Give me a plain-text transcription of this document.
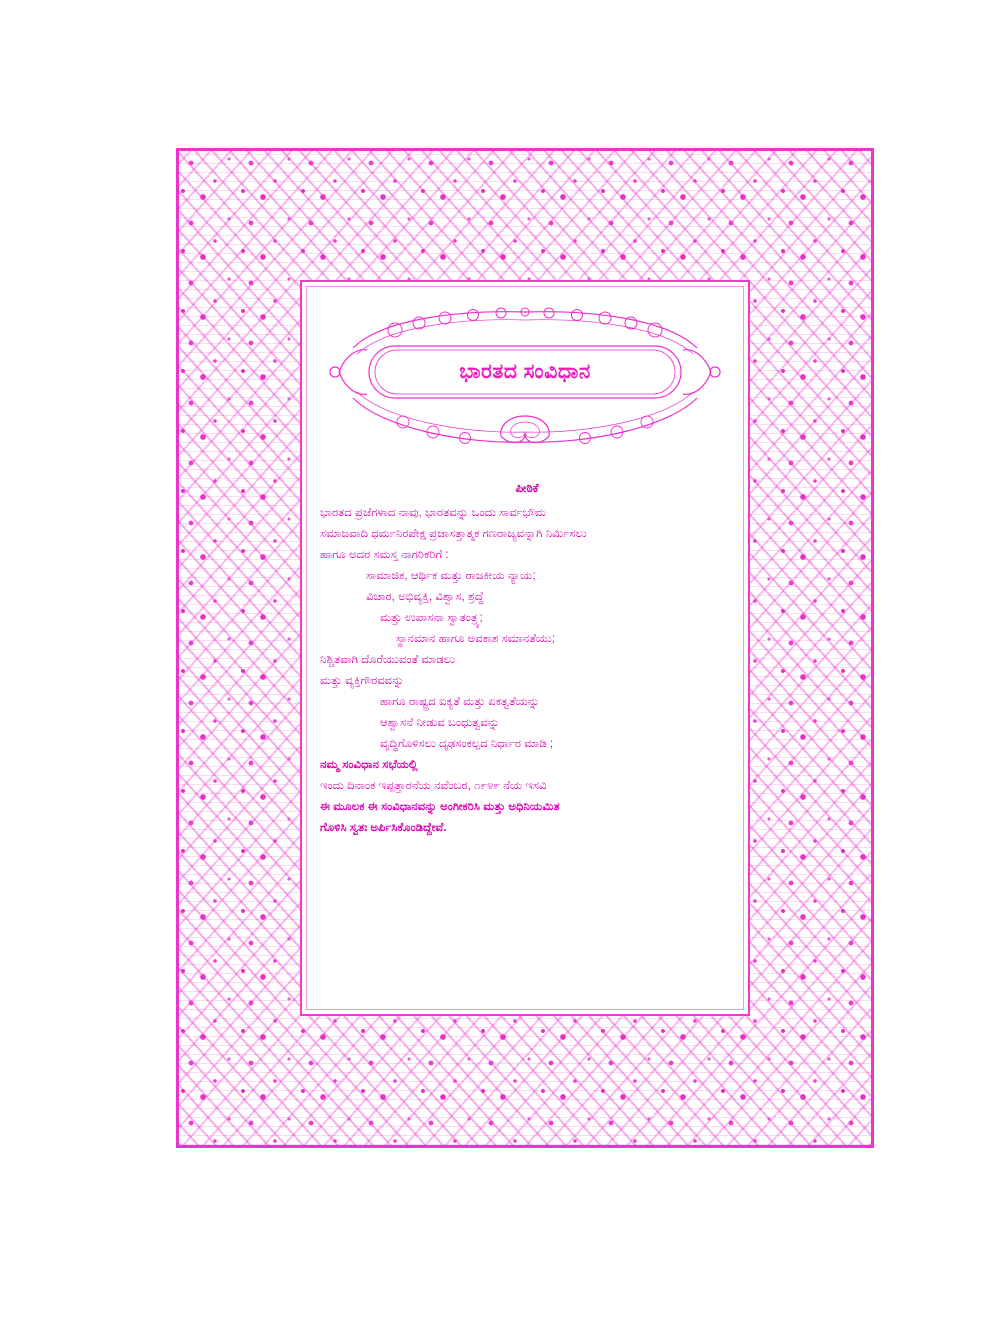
ಭಾರತದ ಸಂವಿಧಾನ
ಪೀಠಿಕೆ
ಭಾರತದ ಪ್ರಜೆಗಳಾದ ನಾವು, ಭಾರತವನ್ನು ಒಂದು ಸಾರ್ವಭೌಮ
ಸಮಾಜವಾದಿ ಧರ್ಮನಿರಪೇಕ್ಷ ಪ್ರಜಾಸತ್ತಾತ್ಮಕ ಗಣರಾಜ್ಯವನ್ನಾಗಿ ನಿರ್ಮಿಸಲು
ಹಾಗೂ ಅದರ ಸಮಸ್ತ ನಾಗರಿಕರಿಗೆ :
ಸಾಮಾಜಿಕ, ಆರ್ಥಿಕ ಮತ್ತು ರಾಜಕೀಯ ನ್ಯಾಯ;
ವಿಚಾರ, ಅಭಿವ್ಯಕ್ತಿ, ವಿಶ್ವಾಸ, ಶ್ರದ್ಧೆ
ಮತ್ತು ಉಪಾಸನಾ ಸ್ವಾತಂತ್ರ್ಯ;
ಸ್ಥಾನಮಾನ ಹಾಗೂ ಅವಕಾಶ ಸಮಾನತೆಯು;
ನಿಶ್ಚಿತವಾಗಿ ದೊರೆಯುವಂತೆ ಮಾಡಲು
ಮತ್ತು ವ್ಯಕ್ತಿಗೌರವವನ್ನು
ಹಾಗೂ ರಾಷ್ಟ್ರದ ಐಕ್ಯತೆ ಮತ್ತು ಏಕತ್ವತೆಯನ್ನು
ಆಶ್ವಾಸನೆ ನೀಡುವ ಬಂಧುತ್ವವನ್ನು
ವೃದ್ಧಿಗೊಳಿಸಲು ದೃಢಸಂಕಲ್ಪದ ನಿರ್ಧಾರ ಮಾಡಿ ;
ನಮ್ಮ ಸಂವಿಧಾನ ಸಭೆಯಲ್ಲಿ
ಇಂದು ದಿನಾಂಕ ಇಪ್ಪತ್ತಾರನೆಯ ನವೆಂಬರ, ೧೯೪೯ ನೆಯ ಇಸವಿ
ಈ ಮೂಲಕ ಈ ಸಂವಿಧಾನವನ್ನು ಅಂಗೀಕರಿಸಿ ಮತ್ತು ಅಧಿನಿಯಮಿತ
ಗೊಳಿಸಿ ಸ್ವತಃ ಅರ್ಪಿಸಿಕೊಂಡಿದ್ದೇವೆ.
